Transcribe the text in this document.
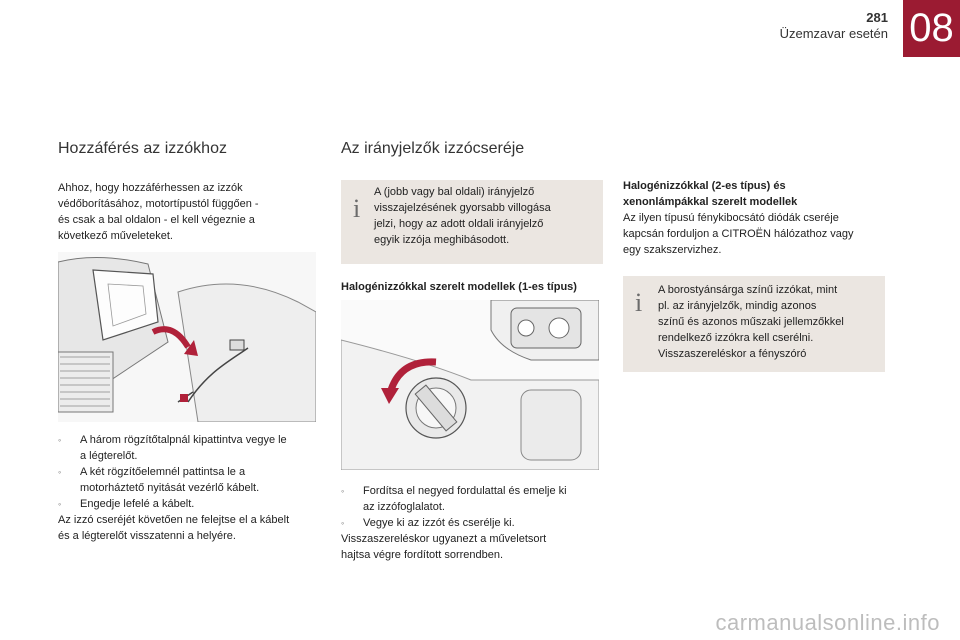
281
Üzemzavar esetén 08
Hozzáférés az izzókhoz
Ahhoz, hogy hozzáférhessen az izzók
védőborításához, motortípustól függően -
és csak a bal oldalon - el kell végeznie a
következő műveleteket.
◦	A három rögzítőtalpnál kipattintva vegye le
a légterelőt.
◦	A két rögzítőelemnél pattintsa le a
motorháztető nyitását vezérlő kábelt.
◦	Engedje lefelé a kábelt.
Az izzó cseréjét követően ne felejtse el a kábelt
és a légterelőt visszatenni a helyére.
Az irányjelzők izzócseréje
i
A (jobb vagy bal oldali) irányjelző
visszajelzésének gyorsabb villogása
jelzi, hogy az adott oldali irányjelző
egyik izzója meghibásodott.
Halogénizzókkal szerelt modellek (1-es típus)
◦	Fordítsa el negyed fordulattal és emelje ki
az izzófoglalatot.
◦	Vegye ki az izzót és cserélje ki.
Visszaszereléskor ugyanezt a műveletsort
hajtsa végre fordított sorrendben.
Halogénizzókkal (2-es típus) és
xenonlámpákkal szerelt modellek
Az ilyen típusú fénykibocsátó diódák cseréje
kapcsán forduljon a CITROËN hálózathoz vagy
egy szakszervizhez.
i A borostyánsárga színű izzókat, mint
pl. az irányjelzők, mindig azonos
színű és azonos műszaki jellemzőkkel
rendelkező izzókra kell cserélni.
Visszaszereléskor a fényszóró
carmanualsonline.info
